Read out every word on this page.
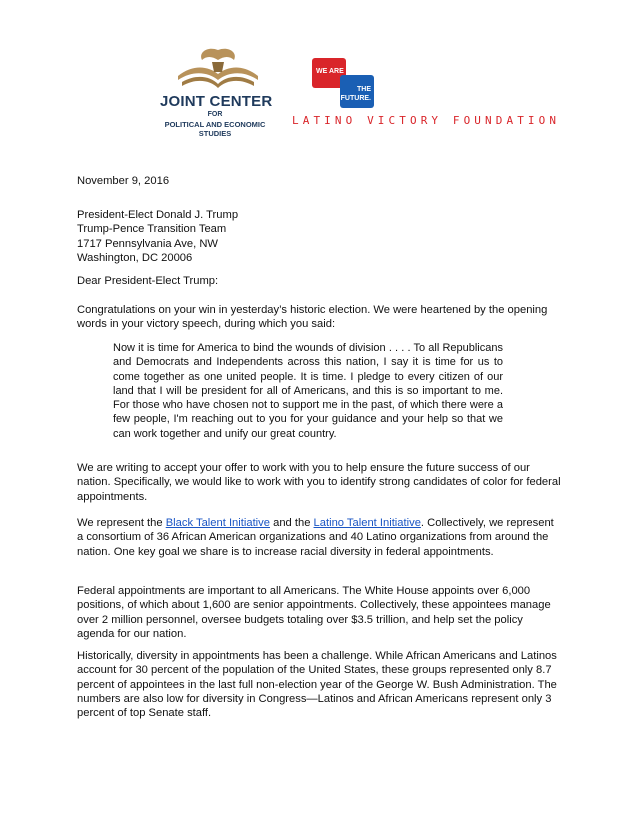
JOINT CENTER
FOR
POLITICAL AND ECONOMIC
STUDIES
WE ARE
THE
FUTURE.
LATINO VICTORY FOUNDATION

November 9, 2016

President-Elect Donald J. Trump
Trump-Pence Transition Team
1717 Pennsylvania Ave, NW
Washington, DC 20006

Dear President-Elect Trump:

Congratulations on your win in yesterday’s historic election. We were heartened by the opening words in your victory speech, during which you said:

Now it is time for America to bind the wounds of division . . . . To all Republicans and Democrats and Independents across this nation, I say it is time for us to come together as one united people. It is time. I pledge to every citizen of our land that I will be president for all of Americans, and this is so important to me. For those who have chosen not to support me in the past, of which there were a few people, I'm reaching out to you for your guidance and your help so that we can work together and unify our great country.

We are writing to accept your offer to work with you to help ensure the future success of our nation. Specifically, we would like to work with you to identify strong candidates of color for federal appointments.

We represent the Black Talent Initiative and the Latino Talent Initiative. Collectively, we represent a consortium of 36 African American organizations and 40 Latino organizations from around the nation. One key goal we share is to increase racial diversity in federal appointments.

Federal appointments are important to all Americans. The White House appoints over 6,000 positions, of which about 1,600 are senior appointments. Collectively, these appointees manage over 2 million personnel, oversee budgets totaling over $3.5 trillion, and help set the policy agenda for our nation.

Historically, diversity in appointments has been a challenge. While African Americans and Latinos account for 30 percent of the population of the United States, these groups represented only 8.7 percent of appointees in the last full non-election year of the George W. Bush Administration. The numbers are also low for diversity in Congress—Latinos and African Americans represent only 3 percent of top Senate staff.
